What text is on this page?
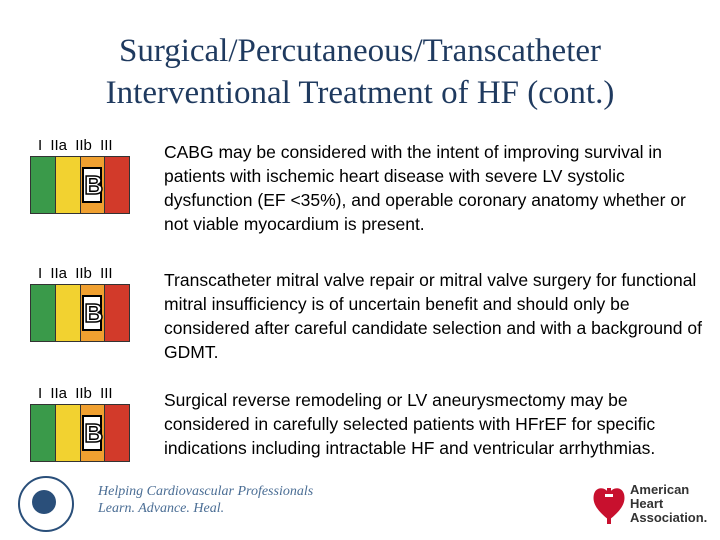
Surgical/Percutaneous/Transcatheter
Interventional Treatment of HF (cont.)
I IIa IIb III
B
CABG may be considered with the intent of improving survival in patients with ischemic heart disease with severe LV systolic dysfunction (EF <35%), and operable coronary anatomy whether or not viable myocardium is present.
I IIa IIb III
B
Transcatheter mitral valve repair or mitral valve surgery for functional mitral insufficiency is of uncertain benefit and should only be considered after careful candidate selection and with a background of GDMT.
I IIa IIb III
B
Surgical reverse remodeling or LV aneurysmectomy may be considered in carefully selected patients with HFrEF for specific indications including intractable HF and ventricular arrhythmias.
Helping Cardiovascular Professionals
Learn. Advance. Heal.
American
Heart
Association.
